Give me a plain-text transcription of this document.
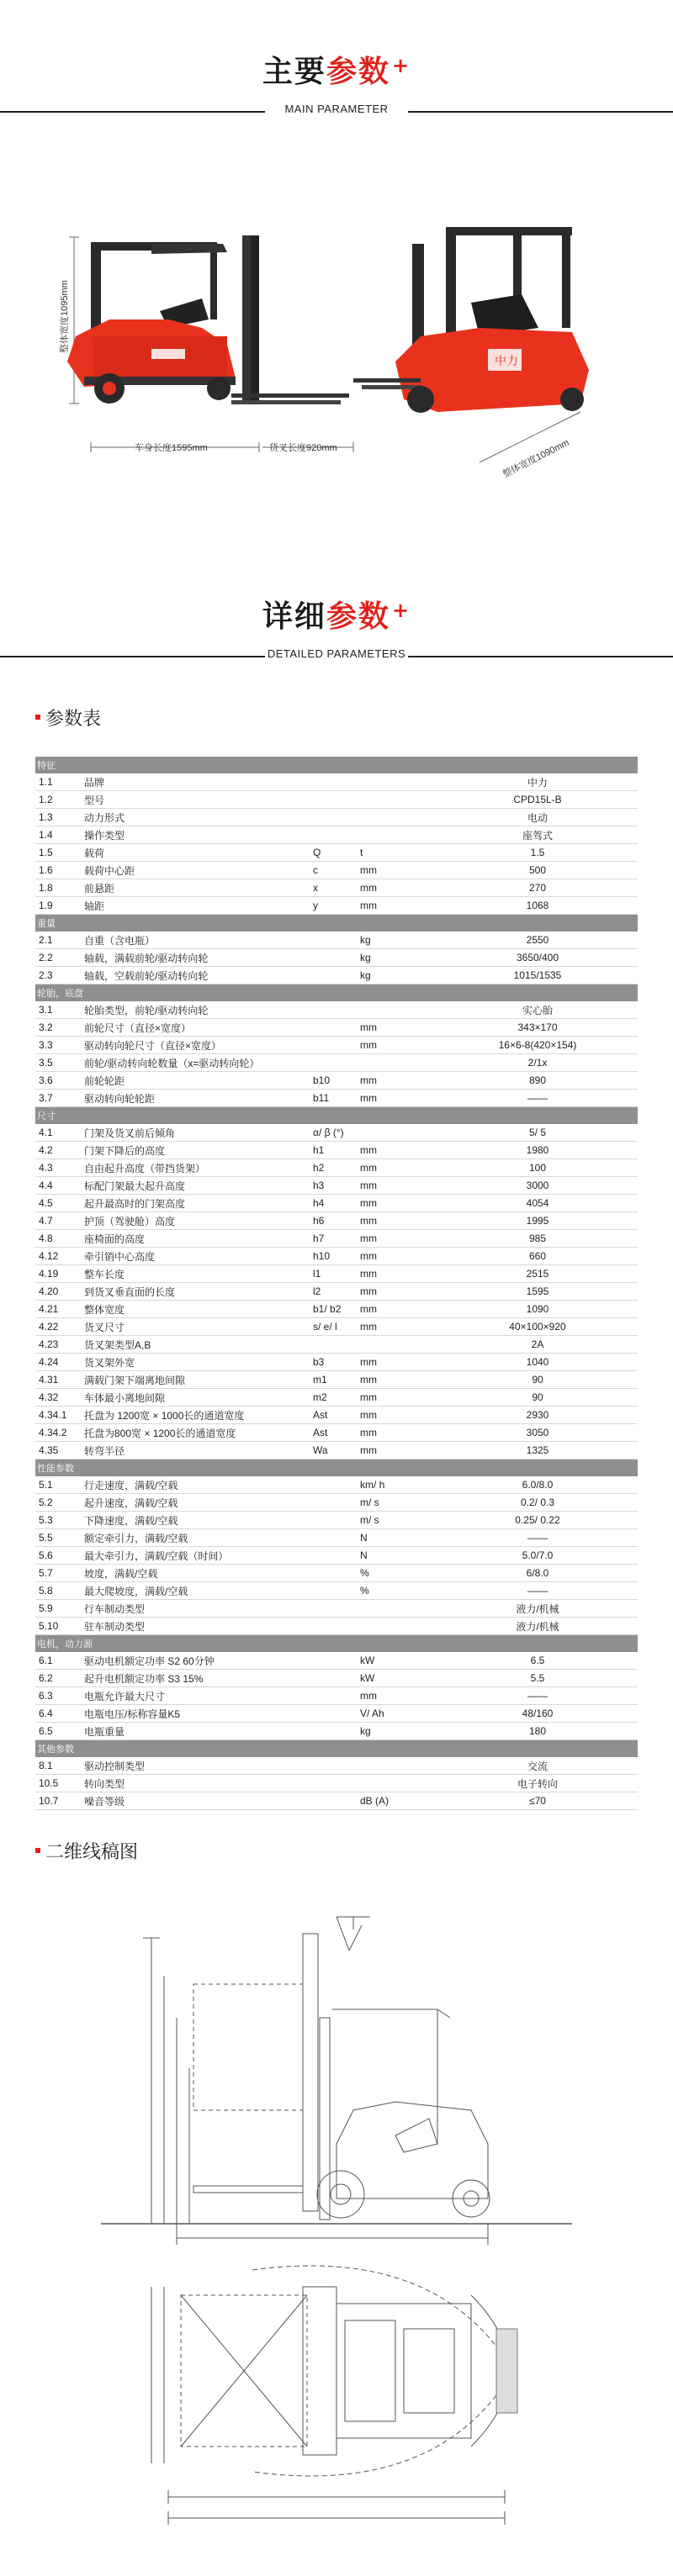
主要参数+
MAIN PARAMETER
整体宽度1095mm
车身长度1595mm	货叉长度920mm
中力
整体宽度1090mm
详细参数+
DETAILED PARAMETERS
参数表
特征				
1.1	品牌			中力
1.2	型号			CPD15L-B
1.3	动力形式			电动
1.4	操作类型			座驾式
1.5	载荷	Q	t	1.5
1.6	载荷中心距	c	mm	500
1.8	前悬距	x	mm	270
1.9	轴距	y	mm	1068
重量				
2.1	自重（含电瓶）		kg	2550
2.2	轴载，满载前轮/驱动转向轮		kg	3650/400
2.3	轴载，空载前轮/驱动转向轮		kg	1015/1535
轮胎，底盘				
3.1	轮胎类型，前轮/驱动转向轮			实心胎
3.2	前轮尺寸（直径×宽度）		mm	343×170
3.3	驱动转向轮尺寸（直径×宽度）		mm	16×6-8(420×154)
3.5	前轮/驱动转向轮数量（x=驱动转向轮）			2/1x
3.6	前轮轮距	b10	mm	890
3.7	驱动转向轮轮距	b11	mm	——
尺寸				
4.1	门架及货叉前后倾角	α/ β (°)		5/ 5
4.2	门架下降后的高度	h1	mm	1980
4.3	自由起升高度（带挡货架）	h2	mm	100
4.4	标配门架最大起升高度	h3	mm	3000
4.5	起升最高时的门架高度	h4	mm	4054
4.7	护顶（驾驶舱）高度	h6	mm	1995
4.8	座椅面的高度	h7	mm	985
4.12	牵引销中心高度	h10	mm	660
4.19	整车长度	l1	mm	2515
4.20	到货叉垂直面的长度	l2	mm	1595
4.21	整体宽度	b1/ b2	mm	1090
4.22	货叉尺寸	s/ e/ l	mm	40×100×920
4.23	货叉架类型A,B			2A
4.24	货叉架外宽	b3	mm	1040
4.31	满载门架下端离地间隙	m1	mm	90
4.32	车体最小离地间隙	m2	mm	90
4.34.1	托盘为 1200宽 × 1000长的通道宽度	Ast	mm	2930
4.34.2	托盘为800宽 × 1200长的通道宽度	Ast	mm	3050
4.35	转弯半径	Wa	mm	1325
性能参数				
5.1	行走速度，满载/空载		km/ h	6.0/8.0
5.2	起升速度，满载/空载		m/ s	0.2/ 0.3
5.3	下降速度，满载/空载		m/ s	0.25/ 0.22
5.5	额定牵引力，满载/空载		N	——
5.6	最大牵引力，满载/空载（时间）		N	5.0/7.0
5.7	坡度，满载/空载		%	6/8.0
5.8	最大爬坡度，满载/空载		%	——
5.9	行车制动类型			液力/机械
5.10	驻车制动类型			液力/机械
电机，动力源				
6.1	驱动电机额定功率 S2 60分钟		kW	6.5
6.2	起升电机额定功率 S3 15%		kW	5.5
6.3	电瓶允许最大尺寸		mm	——
6.4	电瓶电压/标称容量K5		V/ Ah	48/160
6.5	电瓶重量		kg	180
其他参数				
8.1	驱动控制类型			交流
10.5	转向类型			电子转向
10.7	噪音等级		dB (A)	≤70
二维线稿图
